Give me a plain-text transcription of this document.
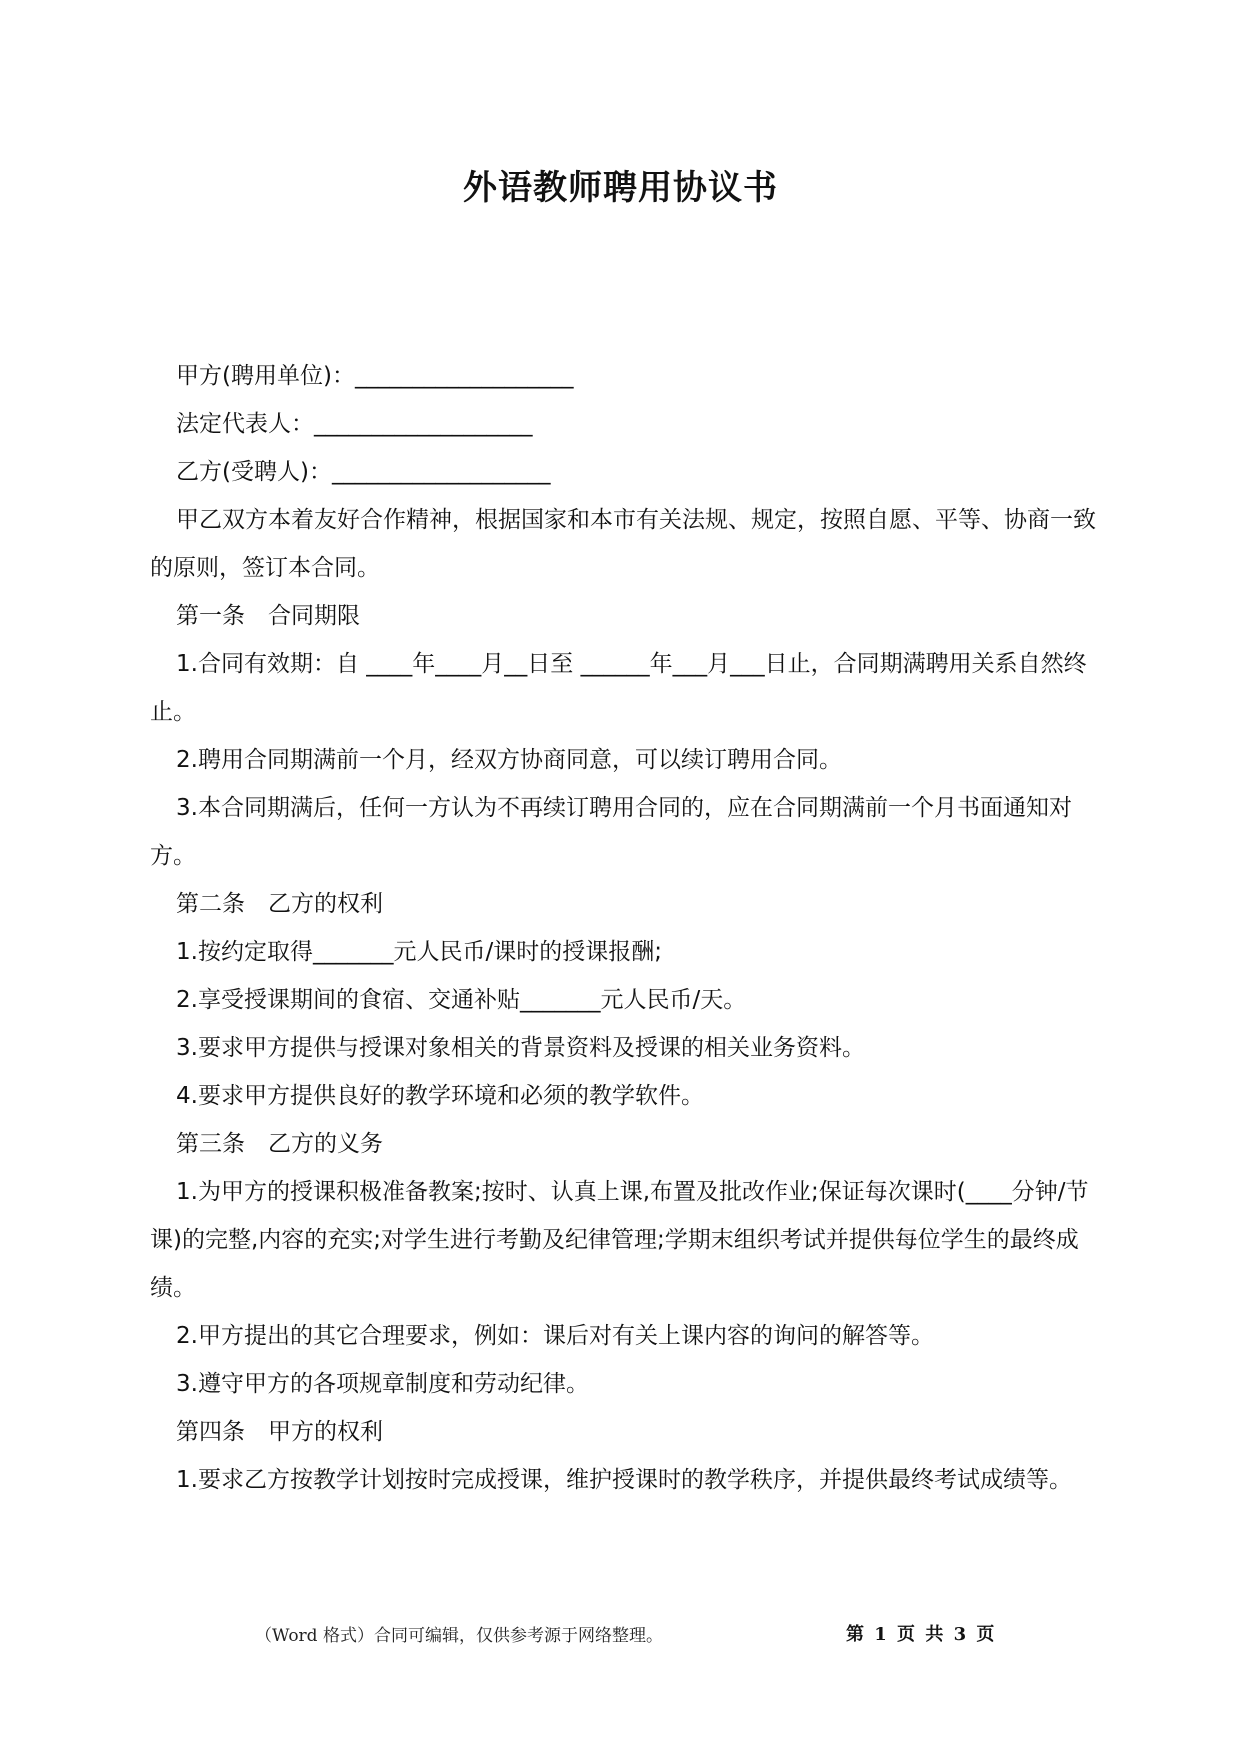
外语教师聘用协议书

甲方(聘用单位)：___________________

法定代表人：___________________

乙方(受聘人)：___________________

甲乙双方本着友好合作精神，根据国家和本市有关法规、规定，按照自愿、平等、协商一致的原则，签订本合同。

第一条　合同期限

1.合同有效期：自 ____年____月__日至 ______年___月___日止，合同期满聘用关系自然终止。

2.聘用合同期满前一个月，经双方协商同意，可以续订聘用合同。

3.本合同期满后，任何一方认为不再续订聘用合同的，应在合同期满前一个月书面通知对方。

第二条　乙方的权利

1.按约定取得_______元人民币/课时的授课报酬;

2.享受授课期间的食宿、交通补贴_______元人民币/天。

3.要求甲方提供与授课对象相关的背景资料及授课的相关业务资料。

4.要求甲方提供良好的教学环境和必须的教学软件。

第三条　乙方的义务

1.为甲方的授课积极准备教案;按时、认真上课,布置及批改作业;保证每次课时(____分钟/节课)的完整,内容的充实;对学生进行考勤及纪律管理;学期末组织考试并提供每位学生的最终成绩。

2.甲方提出的其它合理要求，例如：课后对有关上课内容的询问的解答等。

3.遵守甲方的各项规章制度和劳动纪律。

第四条　甲方的权利

1.要求乙方按教学计划按时完成授课，维护授课时的教学秩序，并提供最终考试成绩等。

（Word 格式）合同可编辑，仅供参考源于网络整理。	第 1 页 共 3 页
